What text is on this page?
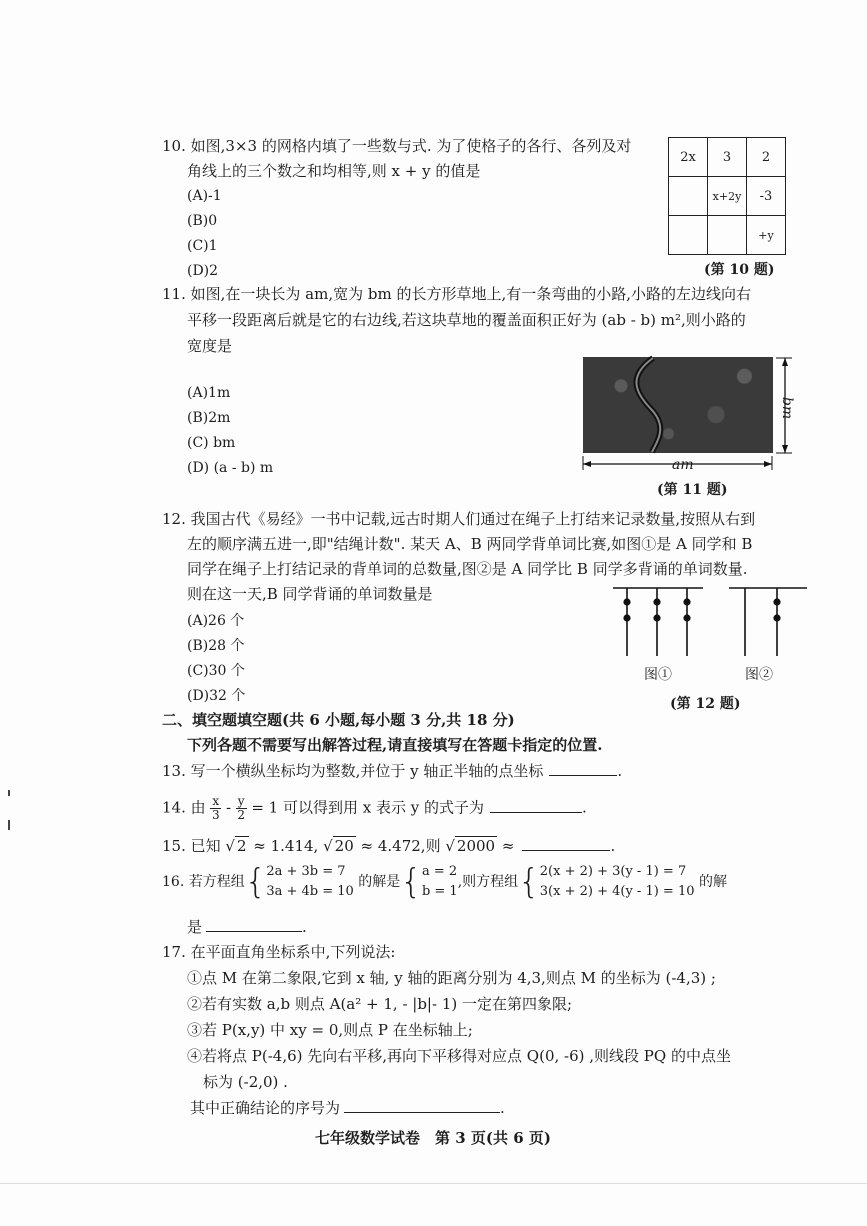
10. 如图,3×3 的网格内填了一些数与式. 为了使格子的各行、各列及对
角线上的三个数之和均相等,则 x + y 的值是
(A)-1
(B)0
(C)1
(D)2
2x	3	2
	x+2y	-3
		+y
(第 10 题)
11. 如图,在一块长为 am,宽为 bm 的长方形草地上,有一条弯曲的小路,小路的左边线向右
平移一段距离后就是它的右边线,若这块草地的覆盖面积正好为 (ab - b) m²,则小路的
宽度是
(A)1m
(B)2m
(C) bm
(D) (a - b) m	am
bm
(第 11 题)
12. 我国古代《易经》一书中记载,远古时期人们通过在绳子上打结来记录数量,按照从右到
左的顺序满五进一,即"结绳计数". 某天 A、B 两同学背单词比赛,如图①是 A 同学和 B
同学在绳子上打结记录的背单词的总数量,图②是 A 同学比 B 同学多背诵的单词数量.
则在这一天,B 同学背诵的单词数量是
(A)26 个
(B)28 个
(C)30 个
(D)32 个
图①	图②
(第 12 题)
二、填空题填空题(共 6 小题,每小题 3 分,共 18 分)
下列各题不需要写出解答过程,请直接填写在答题卡指定的位置.
13. 写一个横纵坐标均为整数,并位于 y 轴正半轴的点坐标	.
14. 由 $\frac{x}{3} - \frac{y}{2} = 1$ 可以得到用 x 表示 y 的式子为	.
15. 已知 √ 2 ≈ 1.414, √ 20 ≈ 4.472,则 √ 2000 ≈	.
16. 若方程组{ 2a + 3b = 7
3a + 4b = 10
的解是{ a = 2
b = 1
,则方程组{ 2(x + 2) + 3(y - 1) = 7
3(x + 2) + 4(y - 1) = 10
的解
是	.
17. 在平面直角坐标系中,下列说法:
①点 M 在第二象限,它到 x 轴, y 轴的距离分别为 4,3,则点 M 的坐标为 (-4,3) ;
②若有实数 a,b 则点 A(a² + 1, - |b|- 1) 一定在第四象限;
③若 P(x,y) 中 xy = 0,则点 P 在坐标轴上;
④若将点 P(-4,6) 先向右平移,再向下平移得对应点 Q(0, -6) ,则线段 PQ 的中点坐
标为 (-2,0) .
其中正确结论的序号为	.
七年级数学试卷　第 3 页(共 6 页)
